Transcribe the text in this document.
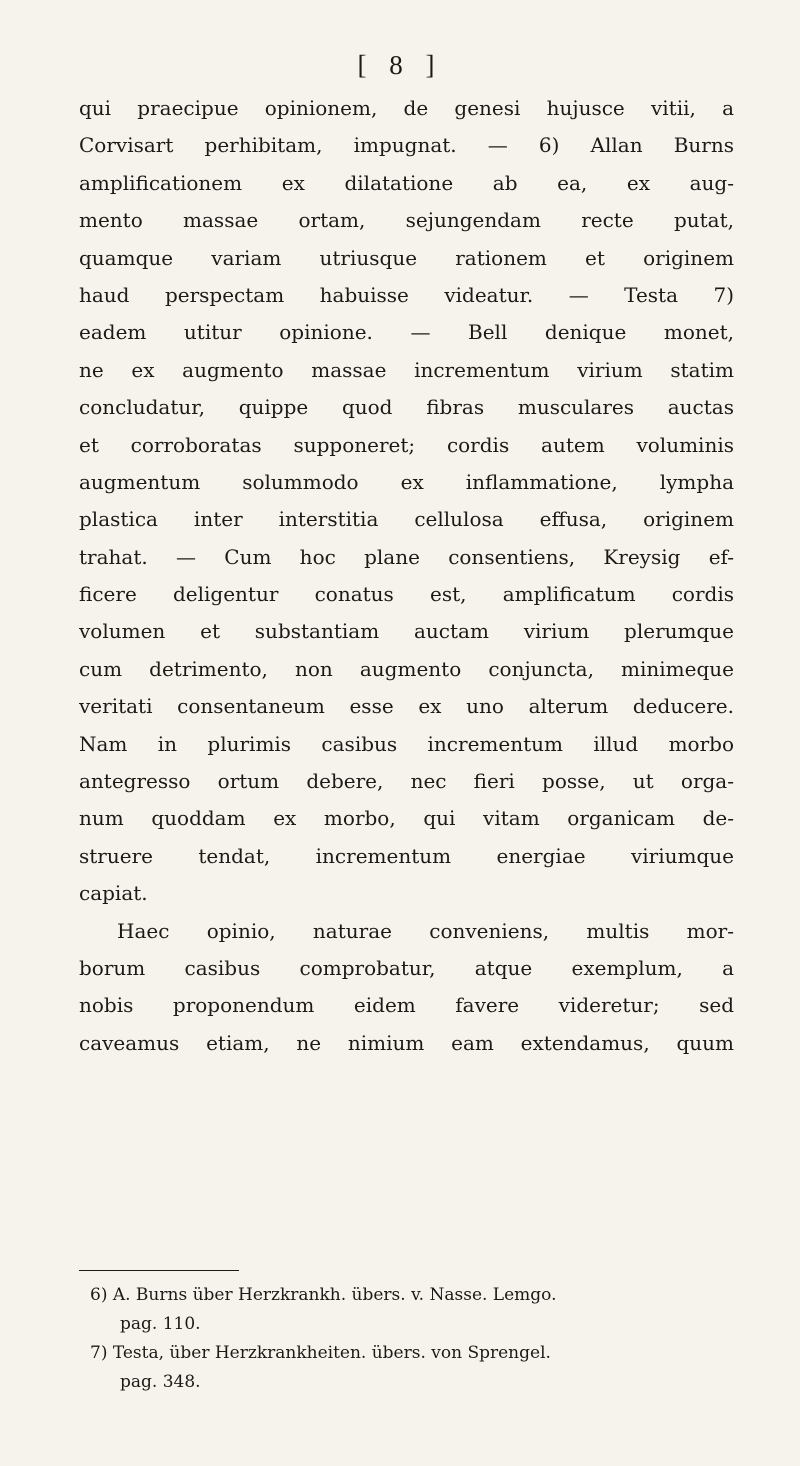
[ 8 ]
qui praecipue opinionem, de genesi hujusce vitii, a
Corvisart perhibitam, impugnat. — 6) Allan Burns
amplificationem ex dilatatione ab ea, ex aug-
mento massae ortam, sejungendam recte putat,
quamque variam utriusque rationem et originem
haud perspectam habuisse videatur. — Testa 7)
eadem utitur opinione. — Bell denique monet,
ne ex augmento massae incrementum virium statim
concludatur, quippe quod fibras musculares auctas
et corroboratas supponeret; cordis autem voluminis
augmentum solummodo ex inflammatione, lympha
plastica inter interstitia cellulosa effusa, originem
trahat. — Cum hoc plane consentiens, Kreysig ef-
ficere deligentur conatus est, amplificatum cordis
volumen et substantiam auctam virium plerumque
cum detrimento, non augmento conjuncta, minimeque
veritati consentaneum esse ex uno alterum deducere.
Nam in plurimis casibus incrementum illud morbo
antegresso ortum debere, nec fieri posse, ut orga-
num quoddam ex morbo, qui vitam organicam de-
struere tendat, incrementum energiae viriumque
capiat.
Haec opinio, naturae conveniens, multis mor-
borum casibus comprobatur, atque exemplum, a
nobis proponendum eidem favere videretur; sed
caveamus etiam, ne nimium eam extendamus, quum
6) A. Burns über Herzkrankh. übers. v. Nasse. Lemgo.
pag. 110.
7) Testa, über Herzkrankheiten. übers. von Sprengel.
pag. 348.
